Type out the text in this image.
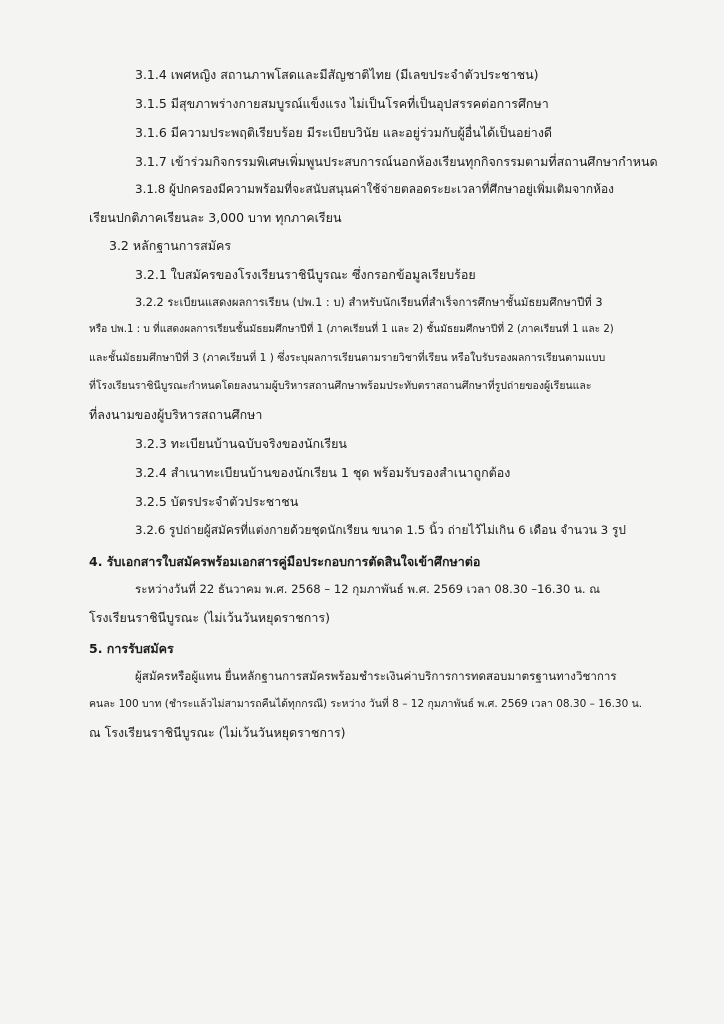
3.1.4 เพศหญิง สถานภาพโสดและมีสัญชาติไทย (มีเลขประจำตัวประชาชน)
3.1.5 มีสุขภาพร่างกายสมบูรณ์แข็งแรง ไม่เป็นโรคที่เป็นอุปสรรคต่อการศึกษา
3.1.6 มีความประพฤติเรียบร้อย มีระเบียบวินัย และอยู่ร่วมกับผู้อื่นได้เป็นอย่างดี
3.1.7 เข้าร่วมกิจกรรมพิเศษเพิ่มพูนประสบการณ์นอกห้องเรียนทุกกิจกรรมตามที่สถานศึกษากำหนด
3.1.8 ผู้ปกครองมีความพร้อมที่จะสนับสนุนค่าใช้จ่ายตลอดระยะเวลาที่ศึกษาอยู่เพิ่มเติมจากห้อง
เรียนปกติภาคเรียนละ 3,000 บาท ทุกภาคเรียน
3.2 หลักฐานการสมัคร
3.2.1 ใบสมัครของโรงเรียนราชินีบูรณะ ซึ่งกรอกข้อมูลเรียบร้อย
3.2.2 ระเบียนแสดงผลการเรียน (ปพ.1 : บ) สำหรับนักเรียนที่สำเร็จการศึกษาชั้นมัธยมศึกษาปีที่ 3
หรือ ปพ.1 : บ ที่แสดงผลการเรียนชั้นมัธยมศึกษาปีที่ 1 (ภาคเรียนที่ 1 และ 2) ชั้นมัธยมศึกษาปีที่ 2 (ภาคเรียนที่ 1 และ 2)
และชั้นมัธยมศึกษาปีที่ 3 (ภาคเรียนที่ 1 ) ซึ่งระบุผลการเรียนตามรายวิชาที่เรียน หรือใบรับรองผลการเรียนตามแบบ
ที่โรงเรียนราชินีบูรณะกำหนดโดยลงนามผู้บริหารสถานศึกษาพร้อมประทับตราสถานศึกษาที่รูปถ่ายของผู้เรียนและ
ที่ลงนามของผู้บริหารสถานศึกษา
3.2.3 ทะเบียนบ้านฉบับจริงของนักเรียน
3.2.4 สำเนาทะเบียนบ้านของนักเรียน 1 ชุด พร้อมรับรองสำเนาถูกต้อง
3.2.5 บัตรประจำตัวประชาชน
3.2.6 รูปถ่ายผู้สมัครที่แต่งกายด้วยชุดนักเรียน ขนาด 1.5 นิ้ว ถ่ายไว้ไม่เกิน 6 เดือน จำนวน 3 รูป
4. รับเอกสารใบสมัครพร้อมเอกสารคู่มือประกอบการตัดสินใจเข้าศึกษาต่อ
ระหว่างวันที่ 22 ธันวาคม พ.ศ. 2568 – 12 กุมภาพันธ์ พ.ศ. 2569 เวลา 08.30 –16.30 น. ณ
โรงเรียนราชินีบูรณะ (ไม่เว้นวันหยุดราชการ)
5. การรับสมัคร
ผู้สมัครหรือผู้แทน ยื่นหลักฐานการสมัครพร้อมชำระเงินค่าบริการการทดสอบมาตรฐานทางวิชาการ
คนละ 100 บาท (ชำระแล้วไม่สามารถคืนได้ทุกกรณี) ระหว่าง วันที่ 8 – 12 กุมภาพันธ์ พ.ศ. 2569 เวลา 08.30 – 16.30 น.
ณ โรงเรียนราชินีบูรณะ (ไม่เว้นวันหยุดราชการ)
